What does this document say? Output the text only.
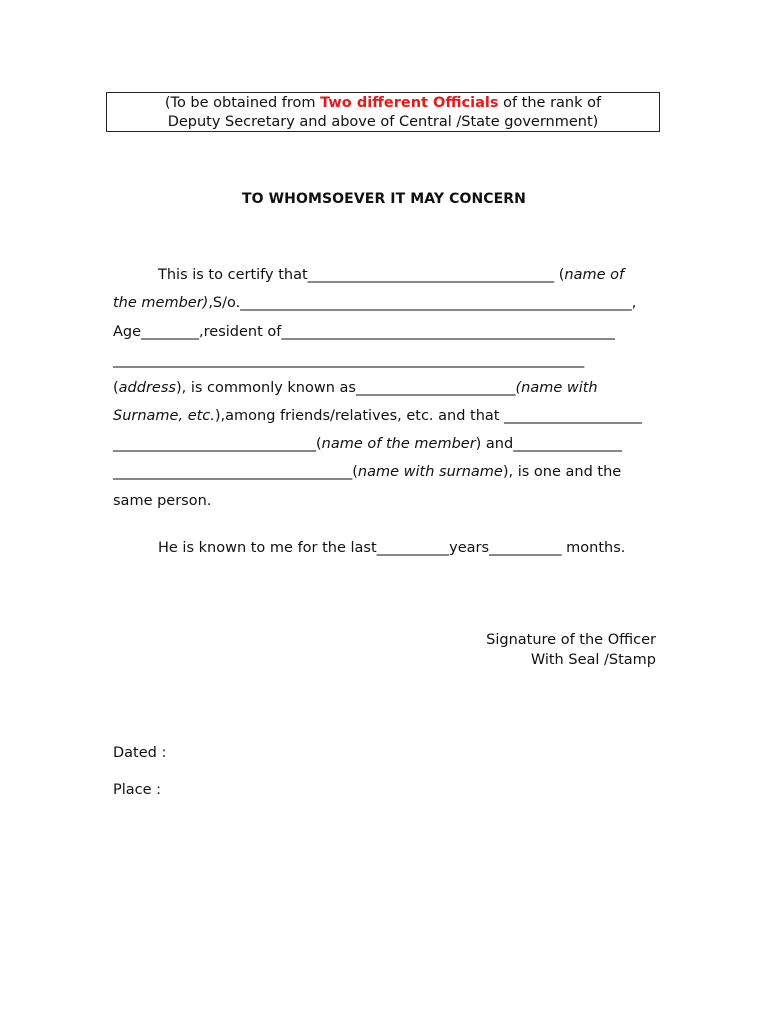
(To be obtained from Two different Officials of the rank of
Deputy Secretary and above of Central /State government)
TO WHOMSOEVER IT MAY CONCERN
This is to certify that__________________________________ (name of
the member),S/o.______________________________________________________,
Age________,resident of______________________________________________
_________________________________________________________________
(address), is commonly known as______________________(name with
Surname, etc.),among friends/relatives, etc. and that ___________________
____________________________(name of the member) and_______________
_________________________________(name with surname), is one and the
same person.
He is known to me for the last__________years__________ months.
Signature of the Officer
With Seal /Stamp
Dated :
Place :
